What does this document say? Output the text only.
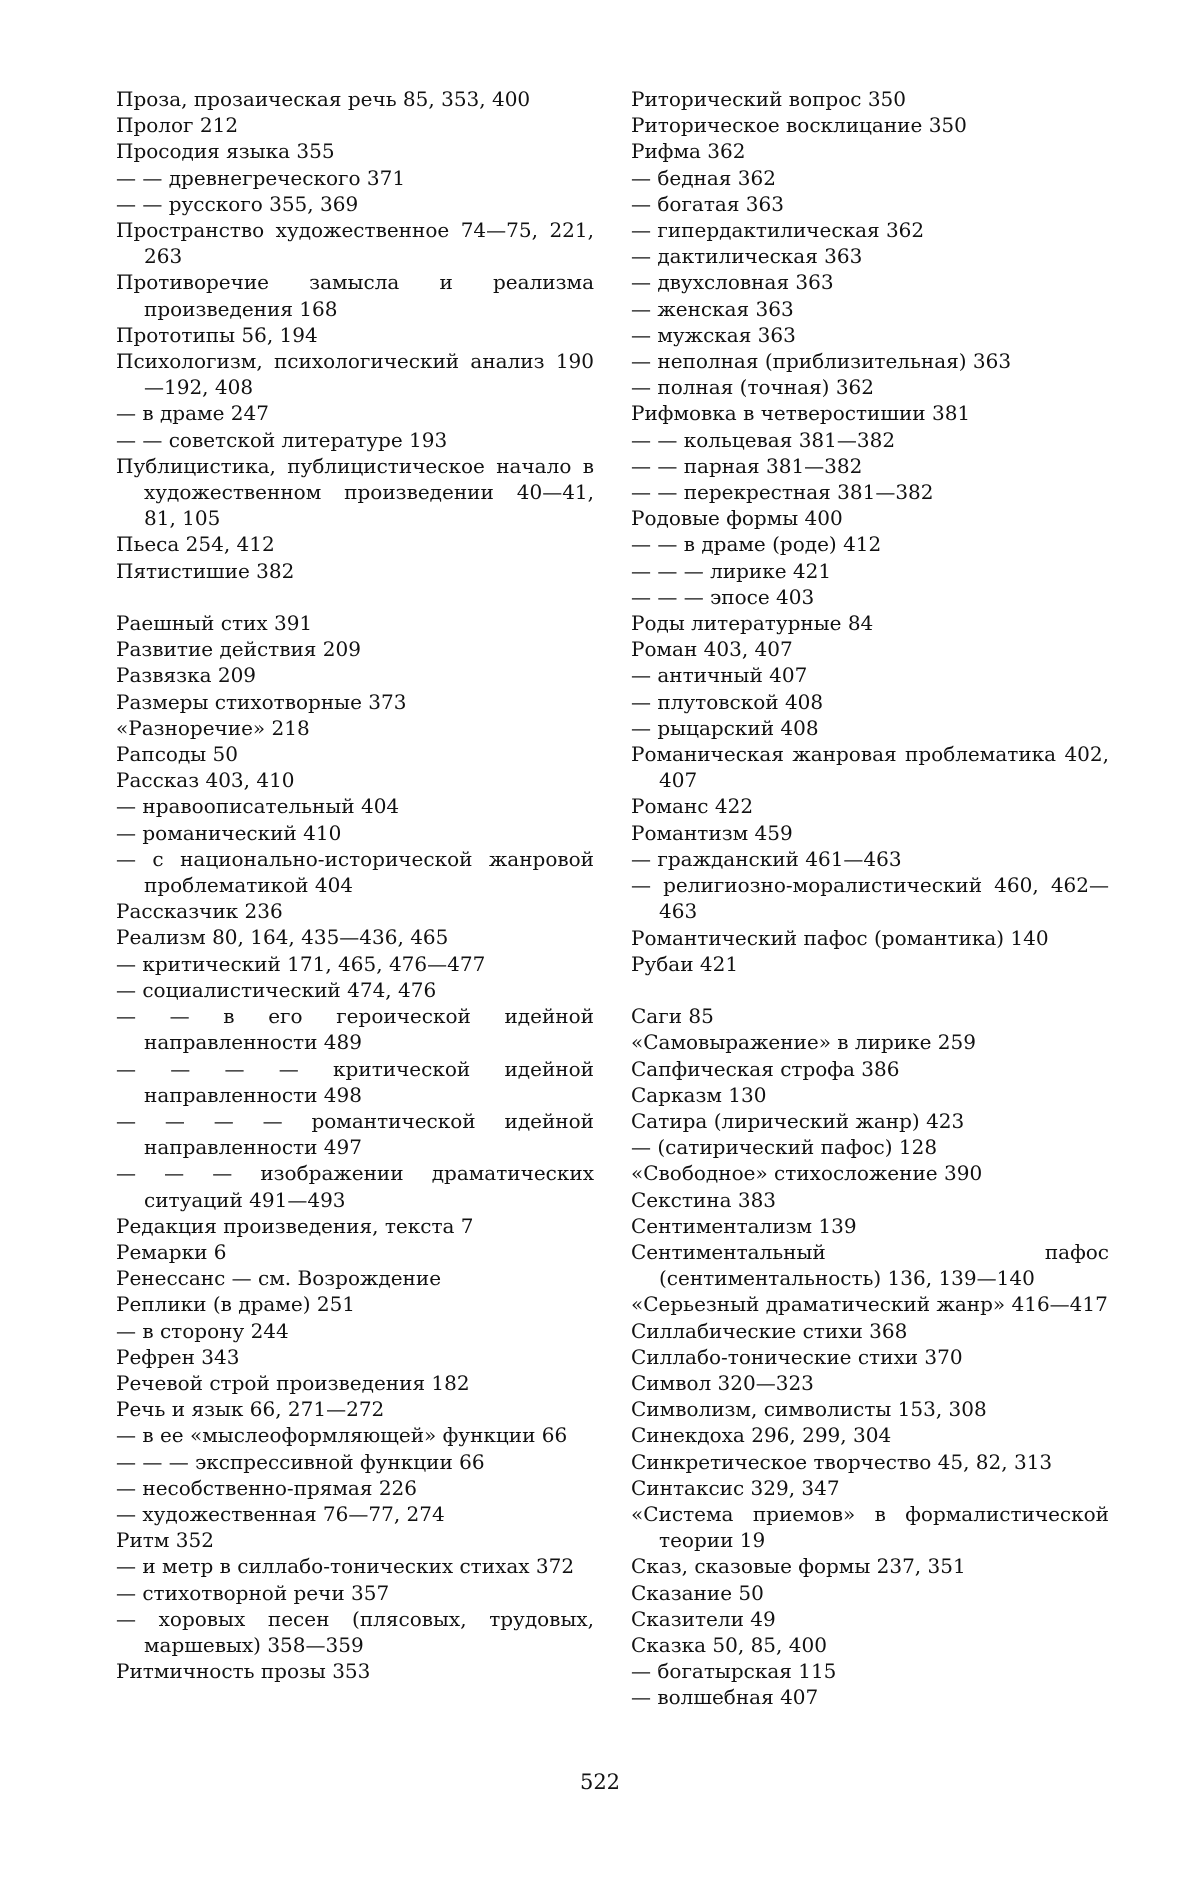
Проза, прозаическая речь 85, 353, 400
Пролог 212
Просодия языка 355
— — древнегреческого 371
— — русского 355, 369
Пространство художественное 74—75, 221, 263
Противоречие замысла и реализма произведения 168
Прототипы 56, 194
Психологизм, психологический анализ 190—192, 408
— в драме 247
— — советской литературе 193
Публицистика, публицистическое начало в художественном произведении 40—41, 81, 105
Пьеса 254, 412
Пятистишие 382
Раешный стих 391
Развитие действия 209
Развязка 209
Размеры стихотворные 373
«Разноречие» 218
Рапсоды 50
Рассказ 403, 410
— нравоописательный 404
— романический 410
— с национально-исторической жанровой проблематикой 404
Рассказчик 236
Реализм 80, 164, 435—436, 465
— критический 171, 465, 476—477
— социалистический 474, 476
— — в его героической идейной направленности 489
— — — — критической идейной направленности 498
— — — — романтической идейной направленности 497
— — — изображении драматических ситуаций 491—493
Редакция произведения, текста 7
Ремарки 6
Ренессанс — см. Возрождение
Реплики (в драме) 251
— в сторону 244
Рефрен 343
Речевой строй произведения 182
Речь и язык 66, 271—272
— в ее «мыслеоформляющей» функции 66
— — — экспрессивной функции 66
— несобственно-прямая 226
— художественная 76—77, 274
Ритм 352
— и метр в силлабо-тонических стихах 372
— стихотворной речи 357
— хоровых песен (плясовых, трудовых, маршевых) 358—359
Ритмичность прозы 353
Риторический вопрос 350
Риторическое восклицание 350
Рифма 362
— бедная 362
— богатая 363
— гипердактилическая 362
— дактилическая 363
— двухсловная 363
— женская 363
— мужская 363
— неполная (приблизительная) 363
— полная (точная) 362
Рифмовка в четверостишии 381
— — кольцевая 381—382
— — парная 381—382
— — перекрестная 381—382
Родовые формы 400
— — в драме (роде) 412
— — — лирике 421
— — — эпосе 403
Роды литературные 84
Роман 403, 407
— античный 407
— плутовской 408
— рыцарский 408
Романическая жанровая проблематика 402, 407
Романс 422
Романтизм 459
— гражданский 461—463
— религиозно-моралистический 460, 462—463
Романтический пафос (романтика) 140
Рубаи 421
Саги 85
«Самовыражение» в лирике 259
Сапфическая строфа 386
Сарказм 130
Сатира (лирический жанр) 423
— (сатирический пафос) 128
«Свободное» стихосложение 390
Секстина 383
Сентиментализм 139
Сентиментальный пафос (сентиментальность) 136, 139—140
«Серьезный драматический жанр» 416—417
Силлабические стихи 368
Силлабо-тонические стихи 370
Символ 320—323
Символизм, символисты 153, 308
Синекдоха 296, 299, 304
Синкретическое творчество 45, 82, 313
Синтаксис 329, 347
«Система приемов» в формалистической теории 19
Сказ, сказовые формы 237, 351
Сказание 50
Сказители 49
Сказка 50, 85, 400
— богатырская 115
— волшебная 407
522
